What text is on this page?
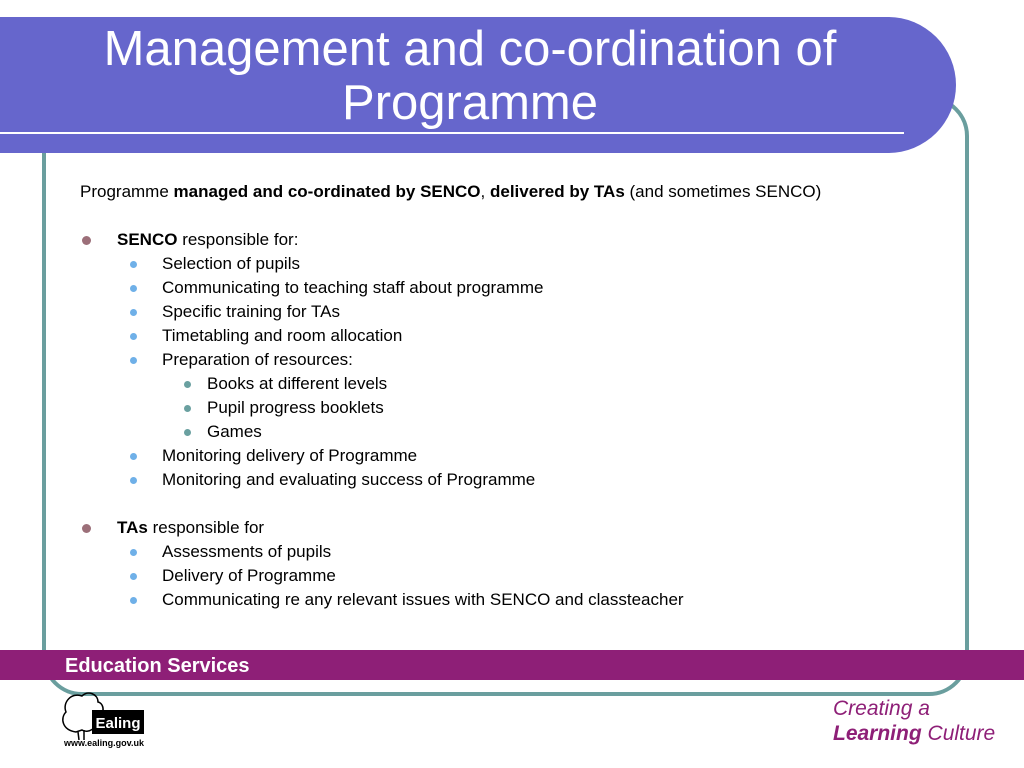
Management and co-ordination of Programme

Programme managed and co-ordinated by SENCO, delivered by TAs (and sometimes SENCO)

SENCO responsible for:

Selection of pupils

Communicating to teaching staff about programme

Specific training for TAs

Timetabling and room allocation

Preparation of resources:

Books at different levels

Pupil progress booklets

Games

Monitoring delivery of Programme

Monitoring and evaluating success of Programme

TAs responsible for

Assessments of pupils

Delivery of Programme

Communicating re any relevant issues with SENCO and classteacher

Education Services
Ealing
www.ealing.gov.uk
Creating a
Learning Culture
